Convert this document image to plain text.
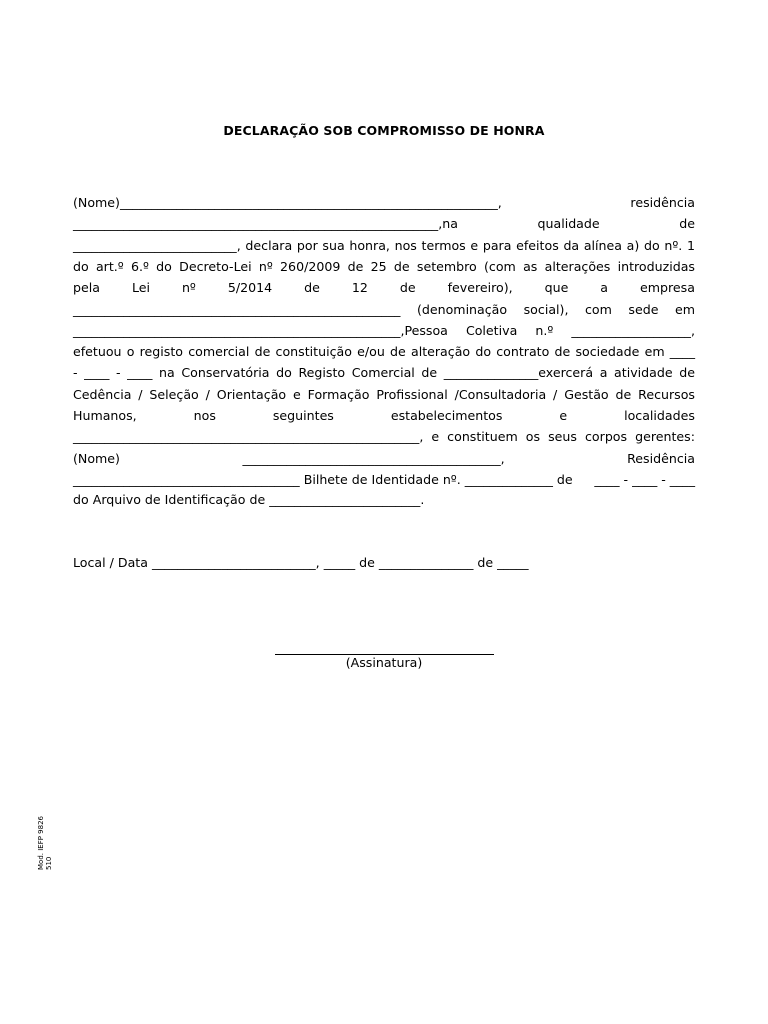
DECLARAÇÃO SOB COMPROMISSO DE HONRA
(Nome)____________________________________________________________,	residência
__________________________________________________________,na	qualidade	de
__________________________, declara por sua honra, nos termos e para efeitos da alínea a) do nº. 1
do art.º 6.º do Decreto-Lei nº 260/2009 de 25 de setembro (com as alterações introduzidas
pela	Lei	nº	5/2014	de	12	de	fevereiro),	que	a	empresa
____________________________________________________ (denominação social), com sede em
____________________________________________________,Pessoa Coletiva n.º ___________________,
efetuou o registo comercial de constituição e/ou de alteração do contrato de sociedade em ____
- ____ - ____ na Conservatória do Registo Comercial de _______________exercerá a atividade de
Cedência / Seleção / Orientação e Formação Profissional /Consultadoria / Gestão de Recursos
Humanos,	nos	seguintes	estabelecimentos	e	localidades
_______________________________________________________, e constituem os seus corpos gerentes:
(Nome)	_________________________________________,	Residência
____________________________________ Bilhete de Identidade nº. ______________ de ____ - ____ - ____
do Arquivo de Identificação de ________________________.
Local / Data __________________________, _____ de _______________ de _____
(Assinatura)
Mod. IEFP 9826 510
